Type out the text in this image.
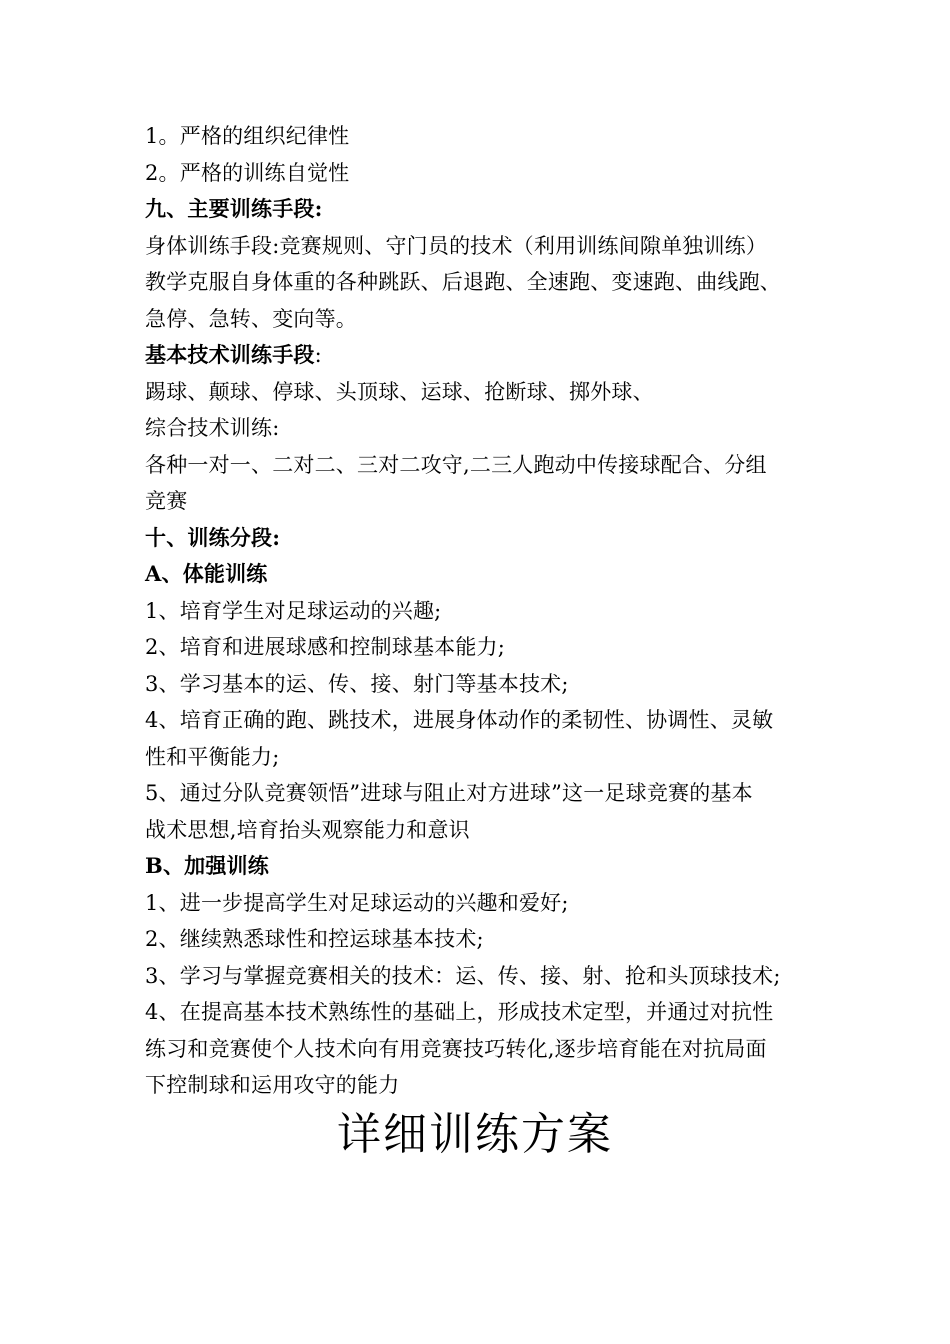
1。严格的组织纪律性
2。严格的训练自觉性
九、主要训练手段:
身体训练手段:竞赛规则、守门员的技术（利用训练间隙单独训练）
教学克服自身体重的各种跳跃、后退跑、全速跑、变速跑、曲线跑、
急停、急转、变向等。
基本技术训练手段:
踢球、颠球、停球、头顶球、运球、抢断球、掷外球、
综合技术训练:
各种一对一、二对二、三对二攻守,二三人跑动中传接球配合、分组
竞赛
十、训练分段:
A、体能训练
1、培育学生对足球运动的兴趣;
2、培育和进展球感和控制球基本能力;
3、学习基本的运、传、接、射门等基本技术;
4、培育正确的跑、跳技术，进展身体动作的柔韧性、协调性、灵敏
性和平衡能力;
5、通过分队竞赛领悟”进球与阻止对方进球”这一足球竞赛的基本
战术思想,培育抬头观察能力和意识
B、加强训练
1、进一步提高学生对足球运动的兴趣和爱好;
2、继续熟悉球性和控运球基本技术;
3、学习与掌握竞赛相关的技术：运、传、接、射、抢和头顶球技术;
4、在提高基本技术熟练性的基础上，形成技术定型，并通过对抗性
练习和竞赛使个人技术向有用竞赛技巧转化,逐步培育能在对抗局面
下控制球和运用攻守的能力
详细训练方案
